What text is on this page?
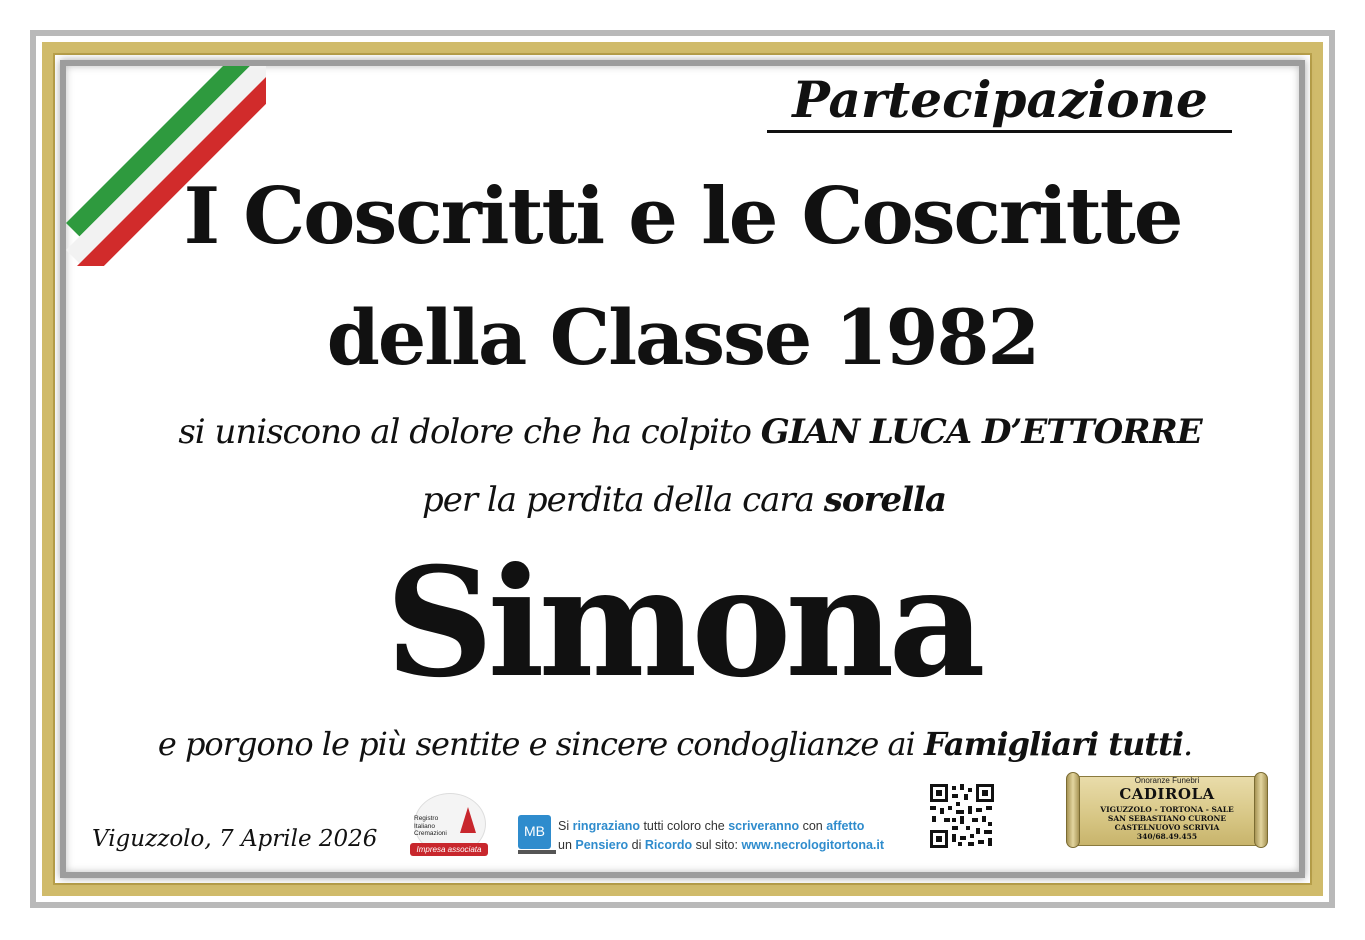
Partecipazione
I Coscritti e le Coscritte
della Classe 1982
si uniscono al dolore che ha colpito GIAN LUCA D’ETTORRE
per la perdita della cara sorella
Simona
e porgono le più sentite e sincere condoglianze ai Famigliari tutti.
Viguzzolo, 7 Aprile 2026
Registro
Italiano
Cremazioni
Impresa associata
MB	Si ringraziano tutti coloro che scriveranno con affetto
un Pensiero di Ricordo sul sito: www.necrologitortona.it
Onoranze Funebri
CADIROLA
VIGUZZOLO - TORTONA - SALE
SAN SEBASTIANO CURONE
CASTELNUOVO SCRIVIA
340/68.49.455
